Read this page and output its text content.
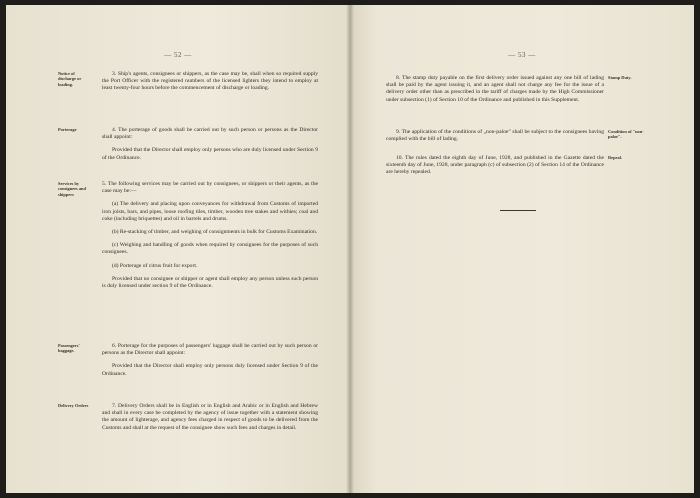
— 52 —
Notice of discharge or loading.

3. Ship's agents, consignees or shippers, as the case may be, shall when so required supply the Port Officer with the registered numbers of the licensed lighters they intend to employ at least twenty-four hours before the commencement of discharge or loading.

Porterage	4. The porterage of goods shall be carried out by such person or persons as the Director shall appoint:

Provided that the Director shall employ only persons who are duly licensed under Section 9 of the Ordinance.

Services by consignees and shippers

5. The following services may be carried out by consignees, or shippers or their agents, as the case may be:—

(a) The delivery and placing upon conveyances for withdrawal from Customs of imported iron joists, bars, and pipes, loose roofing tiles, timber, wooden tree stakes and withies; coal and coke (including briquettes) and oil in barrels and drums.

(b) Re-stacking of timber, and weighing of consignments in bulk for Customs Examination.

(c) Weighing and handling of goods when required by consignees for the purposes of such consignees.

(d) Porterage of citrus fruit for export.

Provided that no consignee or shipper or agent shall employ any person unless such person is duly licensed under section 9 of the Ordinance.

Passengers' baggage.

6. Porterage for the purposes of passengers' luggage shall be carried out by such person or persons as the Director shall appoint:

Provided that the Director shall employ only persons duly licensed under Section 9 of the Ordinance.

Delivery Orders	7. Delivery Orders shall be in English or in English and Arabic or in English and Hebrew and shall in every case be completed by the agency of issue together with a statement showing the amount of lighterage, and agency fees charged in respect of goods to be delivered from the Customs and shall at the request of the consignee show such fees and charges in detail.

— 53 —

8. The stamp duty payable on the first delivery order issued against any one bill of lading shall be paid by the agent issuing it, and an agent shall not charge any fee for the issue of a delivery order other than as prescribed in the tariff of charges made by the High Commissioner under subsection (1) of Section 10 of the Ordinance and published in this Supplement.

Stamp Duty.

9. The application of the conditions of „non-paloe” shall be subject to the consignees having complied with the bill of lading.

Condition of "non-paloe".

10. The rules dated the eighth day of June, 1928, and published in the Gazette dated the sixteenth day of June, 1928, under paragraph (c) of subsection (2) of Section 14 of the Ordinance are hereby repealed.

Repeal.
